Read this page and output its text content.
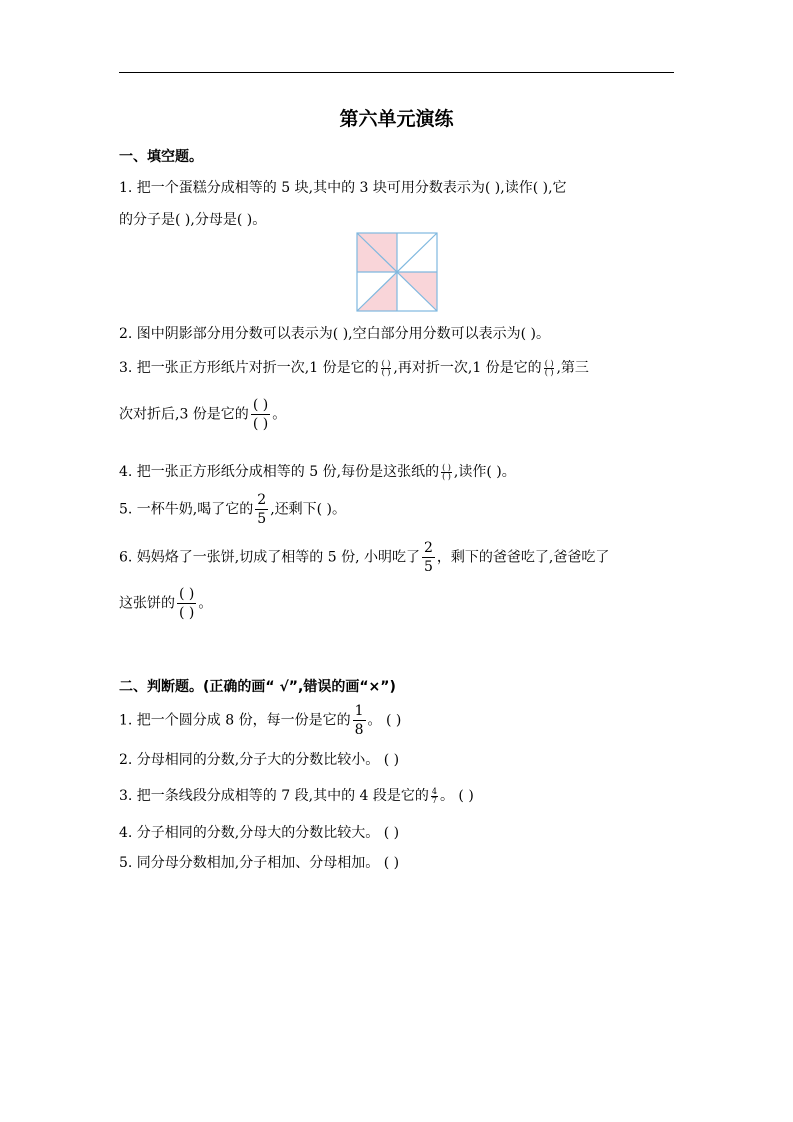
第六单元演练
一、填空题。
1. 把一个蛋糕分成相等的 5 块,其中的 3 块可用分数表示为( ),读作( ),它
的分子是( ),分母是( )。
2. 图中阴影部分用分数可以表示为( ),空白部分用分数可以表示为( )。
3. 把一张正方形纸片对折一次,1 份是它的 $\frac{( )}{( )}$ ,再对折一次,1 份是它的 $\frac{( )}{( )}$ ,第三
次对折后,3 份是它的 $\frac{( )}{( )}$ 。
4. 把一张正方形纸分成相等的 5 份,每份是这张纸的 $\frac{( )}{( )}$ ,读作( )。
5. 一杯牛奶,喝了它的 $\frac{2}{5}$ ,还剩下( )。
6. 妈妈烙了一张饼,切成了相等的 5 份, 小明吃了 $\frac{2}{5}$ ，剩下的爸爸吃了,爸爸吃了
这张饼的 $\frac{( )}{( )}$ 。
二、判断题。(正确的画“ √”,错误的画“×”)
1. 把一个圆分成 8 份，每一份是它的 $\frac{1}{8}$ 。 ( )
2. 分母相同的分数,分子大的分数比较小。 ( )
3. 把一条线段分成相等的 7 段,其中的 4 段是它的 $\frac{4}{7}$ 。 ( )
4. 分子相同的分数,分母大的分数比较大。 ( )
5. 同分母分数相加,分子相加、分母相加。 ( )
